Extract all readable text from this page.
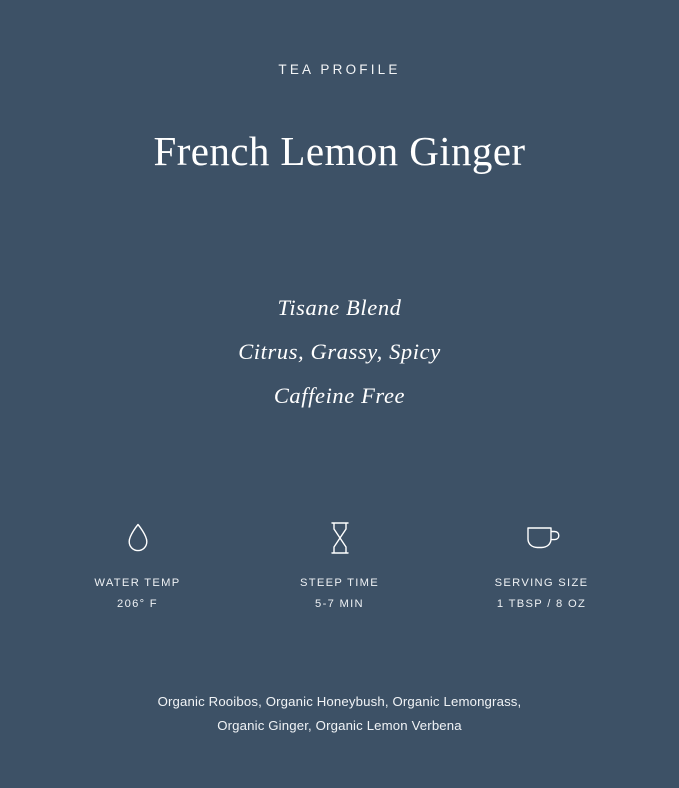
TEA PROFILE
French Lemon Ginger
Tisane Blend
Citrus, Grassy, Spicy
Caffeine Free
WATER TEMP
206° F
STEEP TIME
5-7 MIN
SERVING SIZE
1 TBSP / 8 OZ
Organic Rooibos, Organic Honeybush, Organic Lemongrass,
Organic Ginger, Organic Lemon Verbena
